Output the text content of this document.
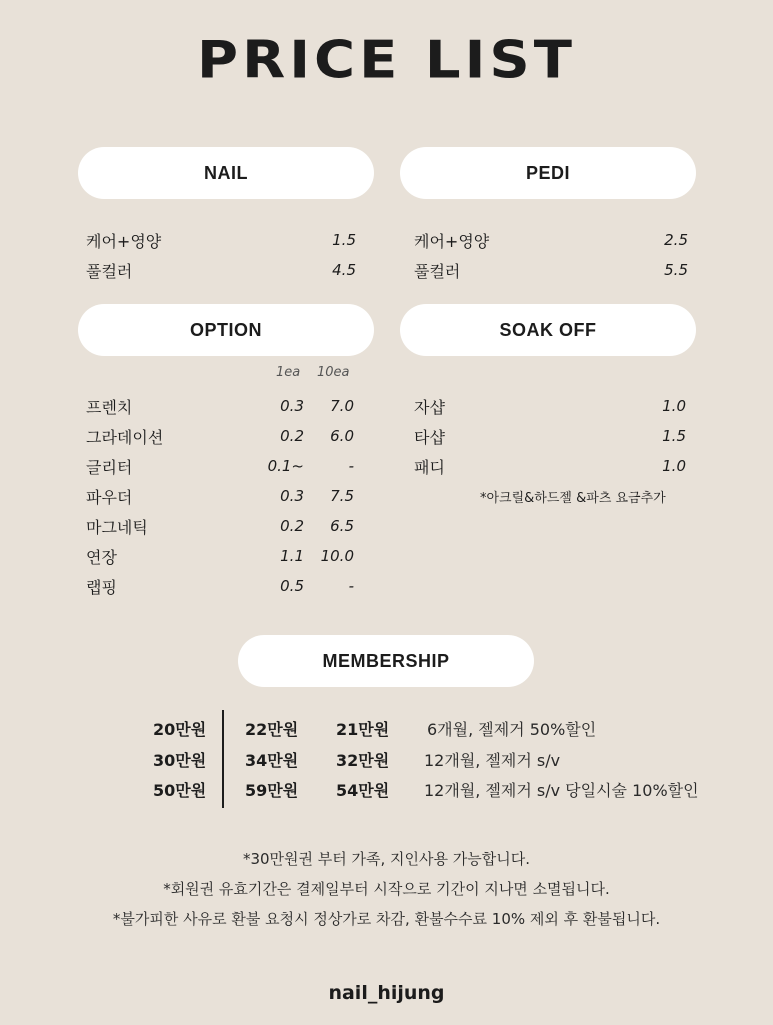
PRICE LIST
NAIL
케어+영양	1.5
풀컬러	4.5
PEDI
케어+영양	2.5
풀컬러	5.5
OPTION
1ea 10ea
프렌치	0.3 7.0
그라데이션	0.2 6.0
글리터	0.1~	-
파우더	0.3 7.5
마그네틱	0.2 6.5
연장	1.1 10.0
랩핑	0.5	-
SOAK OFF
자샵	1.0
타샵	1.5
패디	1.0
*아크릴&하드젤 &파츠 요금추가
MEMBERSHIP
20만원 22만원 21만원 6개월, 젤제거 50%할인
30만원 34만원 32만원 12개월, 젤제거 s/v
50만원 59만원 54만원 12개월, 젤제거 s/v 당일시술 10%할인
*30만원권 부터 가족, 지인사용 가능합니다.
*회원권 유효기간은 결제일부터 시작으로 기간이 지나면 소멸됩니다.
*불가피한 사유로 환불 요청시 정상가로 차감, 환불수수료 10% 제외 후 환불됩니다.
nail_hijung
